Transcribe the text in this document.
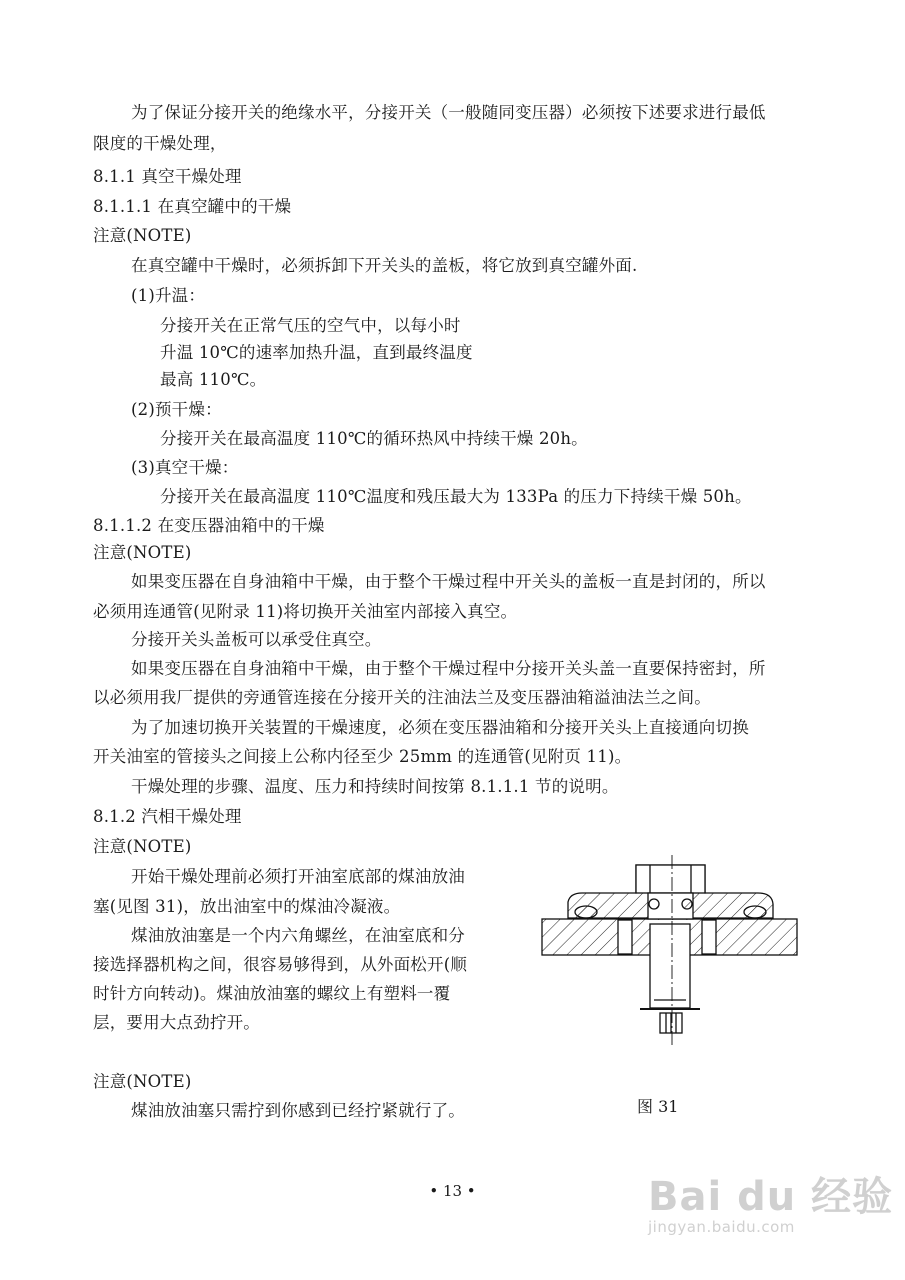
为了保证分接开关的绝缘水平，分接开关（一般随同变压器）必须按下述要求进行最低
限度的干燥处理，
8.1.1 真空干燥处理
8.1.1.1 在真空罐中的干燥
注意(NOTE)
在真空罐中干燥时，必须拆卸下开关头的盖板，将它放到真空罐外面.
(1)升温：
分接开关在正常气压的空气中，以每小时
升温 10℃的速率加热升温，直到最终温度
最高 110℃。
(2)预干燥：
分接开关在最高温度 110℃的循环热风中持续干燥 20h。
(3)真空干燥：
分接开关在最高温度 110℃温度和残压最大为 133Pa 的压力下持续干燥 50h。
8.1.1.2 在变压器油箱中的干燥
注意(NOTE)
如果变压器在自身油箱中干燥，由于整个干燥过程中开关头的盖板一直是封闭的，所以
必须用连通管(见附录 11)将切换开关油室内部接入真空。
分接开关头盖板可以承受住真空。
如果变压器在自身油箱中干燥，由于整个干燥过程中分接开关头盖一直要保持密封，所
以必须用我厂提供的旁通管连接在分接开关的注油法兰及变压器油箱溢油法兰之间。
为了加速切换开关装置的干燥速度，必须在变压器油箱和分接开关头上直接通向切换
开关油室的管接头之间接上公称内径至少 25mm 的连通管(见附页 11)。
干燥处理的步骤、温度、压力和持续时间按第 8.1.1.1 节的说明。
8.1.2 汽相干燥处理
注意(NOTE)
开始干燥处理前必须打开油室底部的煤油放油
塞(见图 31)，放出油室中的煤油冷凝液。
煤油放油塞是一个内六角螺丝，在油室底和分
接选择器机构之间，很容易够得到，从外面松开(顺
时针方向转动)。煤油放油塞的螺纹上有塑料一覆
层，要用大点劲拧开。
注意(NOTE)
煤油放油塞只需拧到你感到已经拧紧就行了。	图 31
• 13 •	Bai du 经验
jingyan.baidu.com
